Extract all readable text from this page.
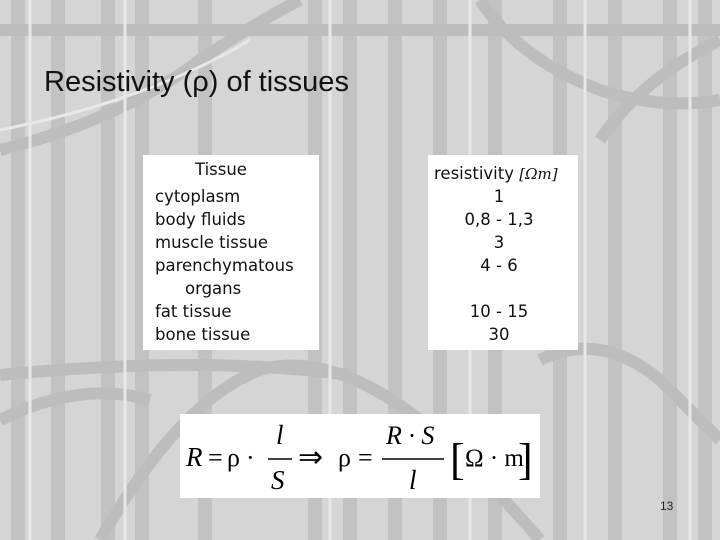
Resistivity (ρ) of tissues
Tissue
cytoplasm
body fluids
muscle tissue
parenchymatous
organs
fat tissue
bone tissue
resistivity [Ωm]
1
0,8 - 1,3
3
4 - 6
10 - 15
30
R = ρ ·
l
S
⇒ ρ =
R · S
l [ Ω · m
]
13
